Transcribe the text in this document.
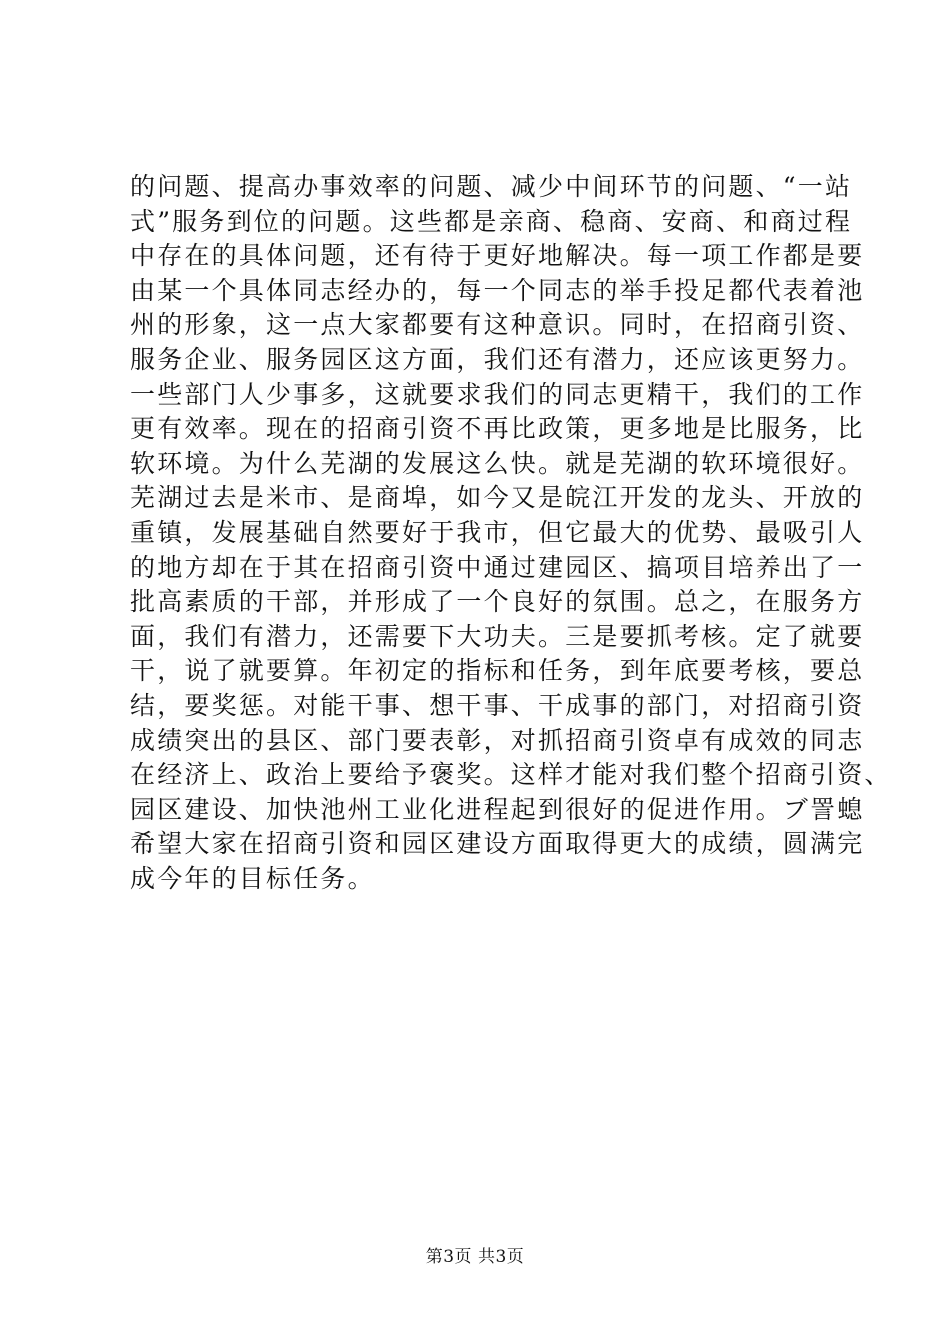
的问题、提高办事效率的问题、减少中间环节的问题、“一站
式”服务到位的问题。这些都是亲商、稳商、安商、和商过程
中存在的具体问题，还有待于更好地解决。每一项工作都是要
由某一个具体同志经办的，每一个同志的举手投足都代表着池
州的形象，这一点大家都要有这种意识。同时，在招商引资、
服务企业、服务园区这方面，我们还有潜力，还应该更努力。
一些部门人少事多，这就要求我们的同志更精干，我们的工作
更有效率。现在的招商引资不再比政策，更多地是比服务，比
软环境。为什么芜湖的发展这么快。就是芜湖的软环境很好。
芜湖过去是米市、是商埠，如今又是皖江开发的龙头、开放的
重镇，发展基础自然要好于我市，但它最大的优势、最吸引人
的地方却在于其在招商引资中通过建园区、搞项目培养出了一
批高素质的干部，并形成了一个良好的氛围。总之，在服务方
面，我们有潜力，还需要下大功夫。三是要抓考核。定了就要
干，说了就要算。年初定的指标和任务，到年底要考核，要总
结，要奖惩。对能干事、想干事、干成事的部门，对招商引资
成绩突出的县区、部门要表彰，对抓招商引资卓有成效的同志
在经济上、政治上要给予褒奖。这样才能对我们整个招商引资、
园区建设、加快池州工业化进程起到很好的促进作用。ブ詈螅
希望大家在招商引资和园区建设方面取得更大的成绩，圆满完
成今年的目标任务。
第3页 共3页
